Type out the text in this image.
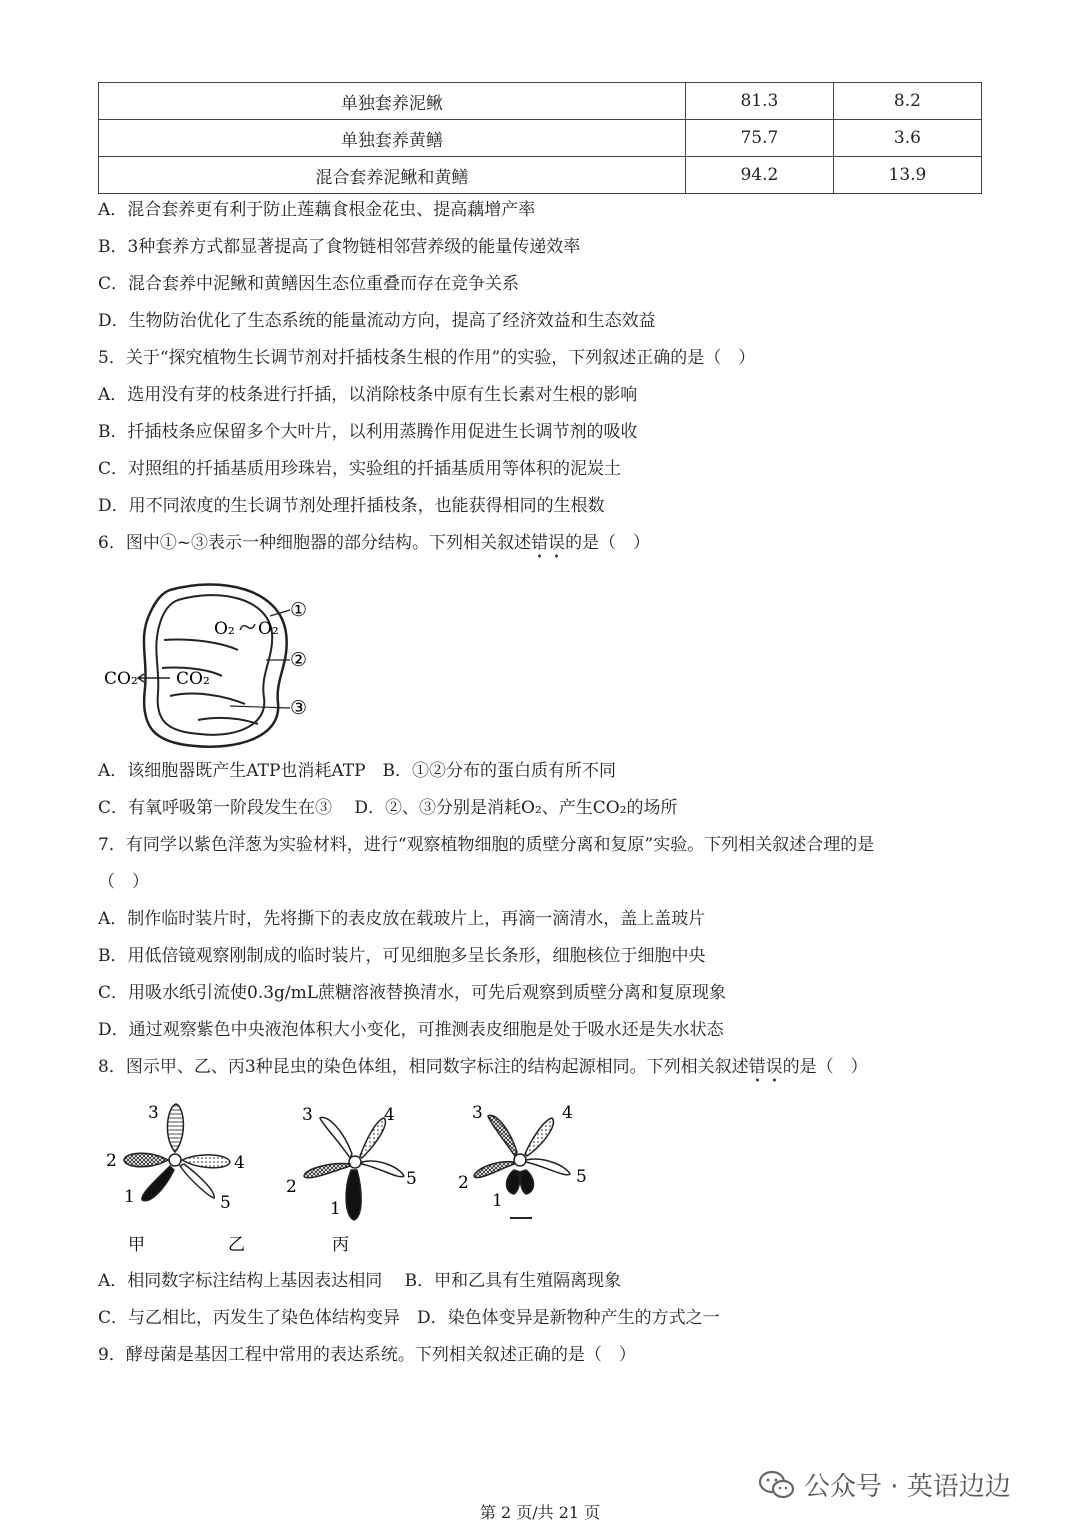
单独套养泥鳅	81.3	8.2
单独套养黄鳝	75.7	3.6
混合套养泥鳅和黄鳝	94.2	13.9
A．混合套养更有利于防止莲藕食根金花虫、提高藕增产率
B．3种套养方式都显著提高了食物链相邻营养级的能量传递效率
C．混合套养中泥鳅和黄鳝因生态位重叠而存在竞争关系
D．生物防治优化了生态系统的能量流动方向，提高了经济效益和生态效益
5．关于“探究植物生长调节剂对扦插枝条生根的作用”的实验，下列叙述正确的是（　）
A．选用没有芽的枝条进行扦插，以消除枝条中原有生长素对生根的影响
B．扦插枝条应保留多个大叶片，以利用蒸腾作用促进生长调节剂的吸收
C．对照组的扦插基质用珍珠岩，实验组的扦插基质用等体积的泥炭土
D．用不同浓度的生长调节剂处理扦插枝条，也能获得相同的生根数
6．图中①~③表示一种细胞器的部分结构。下列相关叙述错误的是（　）
O₂ O₂
CO₂ CO₂
①
②
③
A．该细胞器既产生ATP也消耗ATP　B．①②分布的蛋白质有所不同
C．有氧呼吸第一阶段发生在③　 D．②、③分别是消耗O₂、产生CO₂的场所
7．有同学以紫色洋葱为实验材料，进行“观察植物细胞的质壁分离和复原”实验。下列相关叙述合理的是
（　）
A．制作临时装片时，先将撕下的表皮放在载玻片上，再滴一滴清水，盖上盖玻片
B．用低倍镜观察刚制成的临时装片，可见细胞多呈长条形，细胞核位于细胞中央
C．用吸水纸引流使0.3g/mL蔗糖溶液替换清水，可先后观察到质壁分离和复原现象
D．通过观察紫色中央液泡体积大小变化，可推测表皮细胞是处于吸水还是失水状态
8．图示甲、乙、丙3种昆虫的染色体组，相同数字标注的结构起源相同。下列相关叙述错误的是（　）
3
2	4
1	5
甲
3	4
2	5
1
乙
3	4
2	5
1
丙
A．相同数字标注结构上基因表达相同　 B．甲和乙具有生殖隔离现象
C．与乙相比，丙发生了染色体结构变异　D．染色体变异是新物种产生的方式之一
9．酵母菌是基因工程中常用的表达系统。下列相关叙述正确的是（　）
公众号 · 英语边边
第 2 页/共 21 页
